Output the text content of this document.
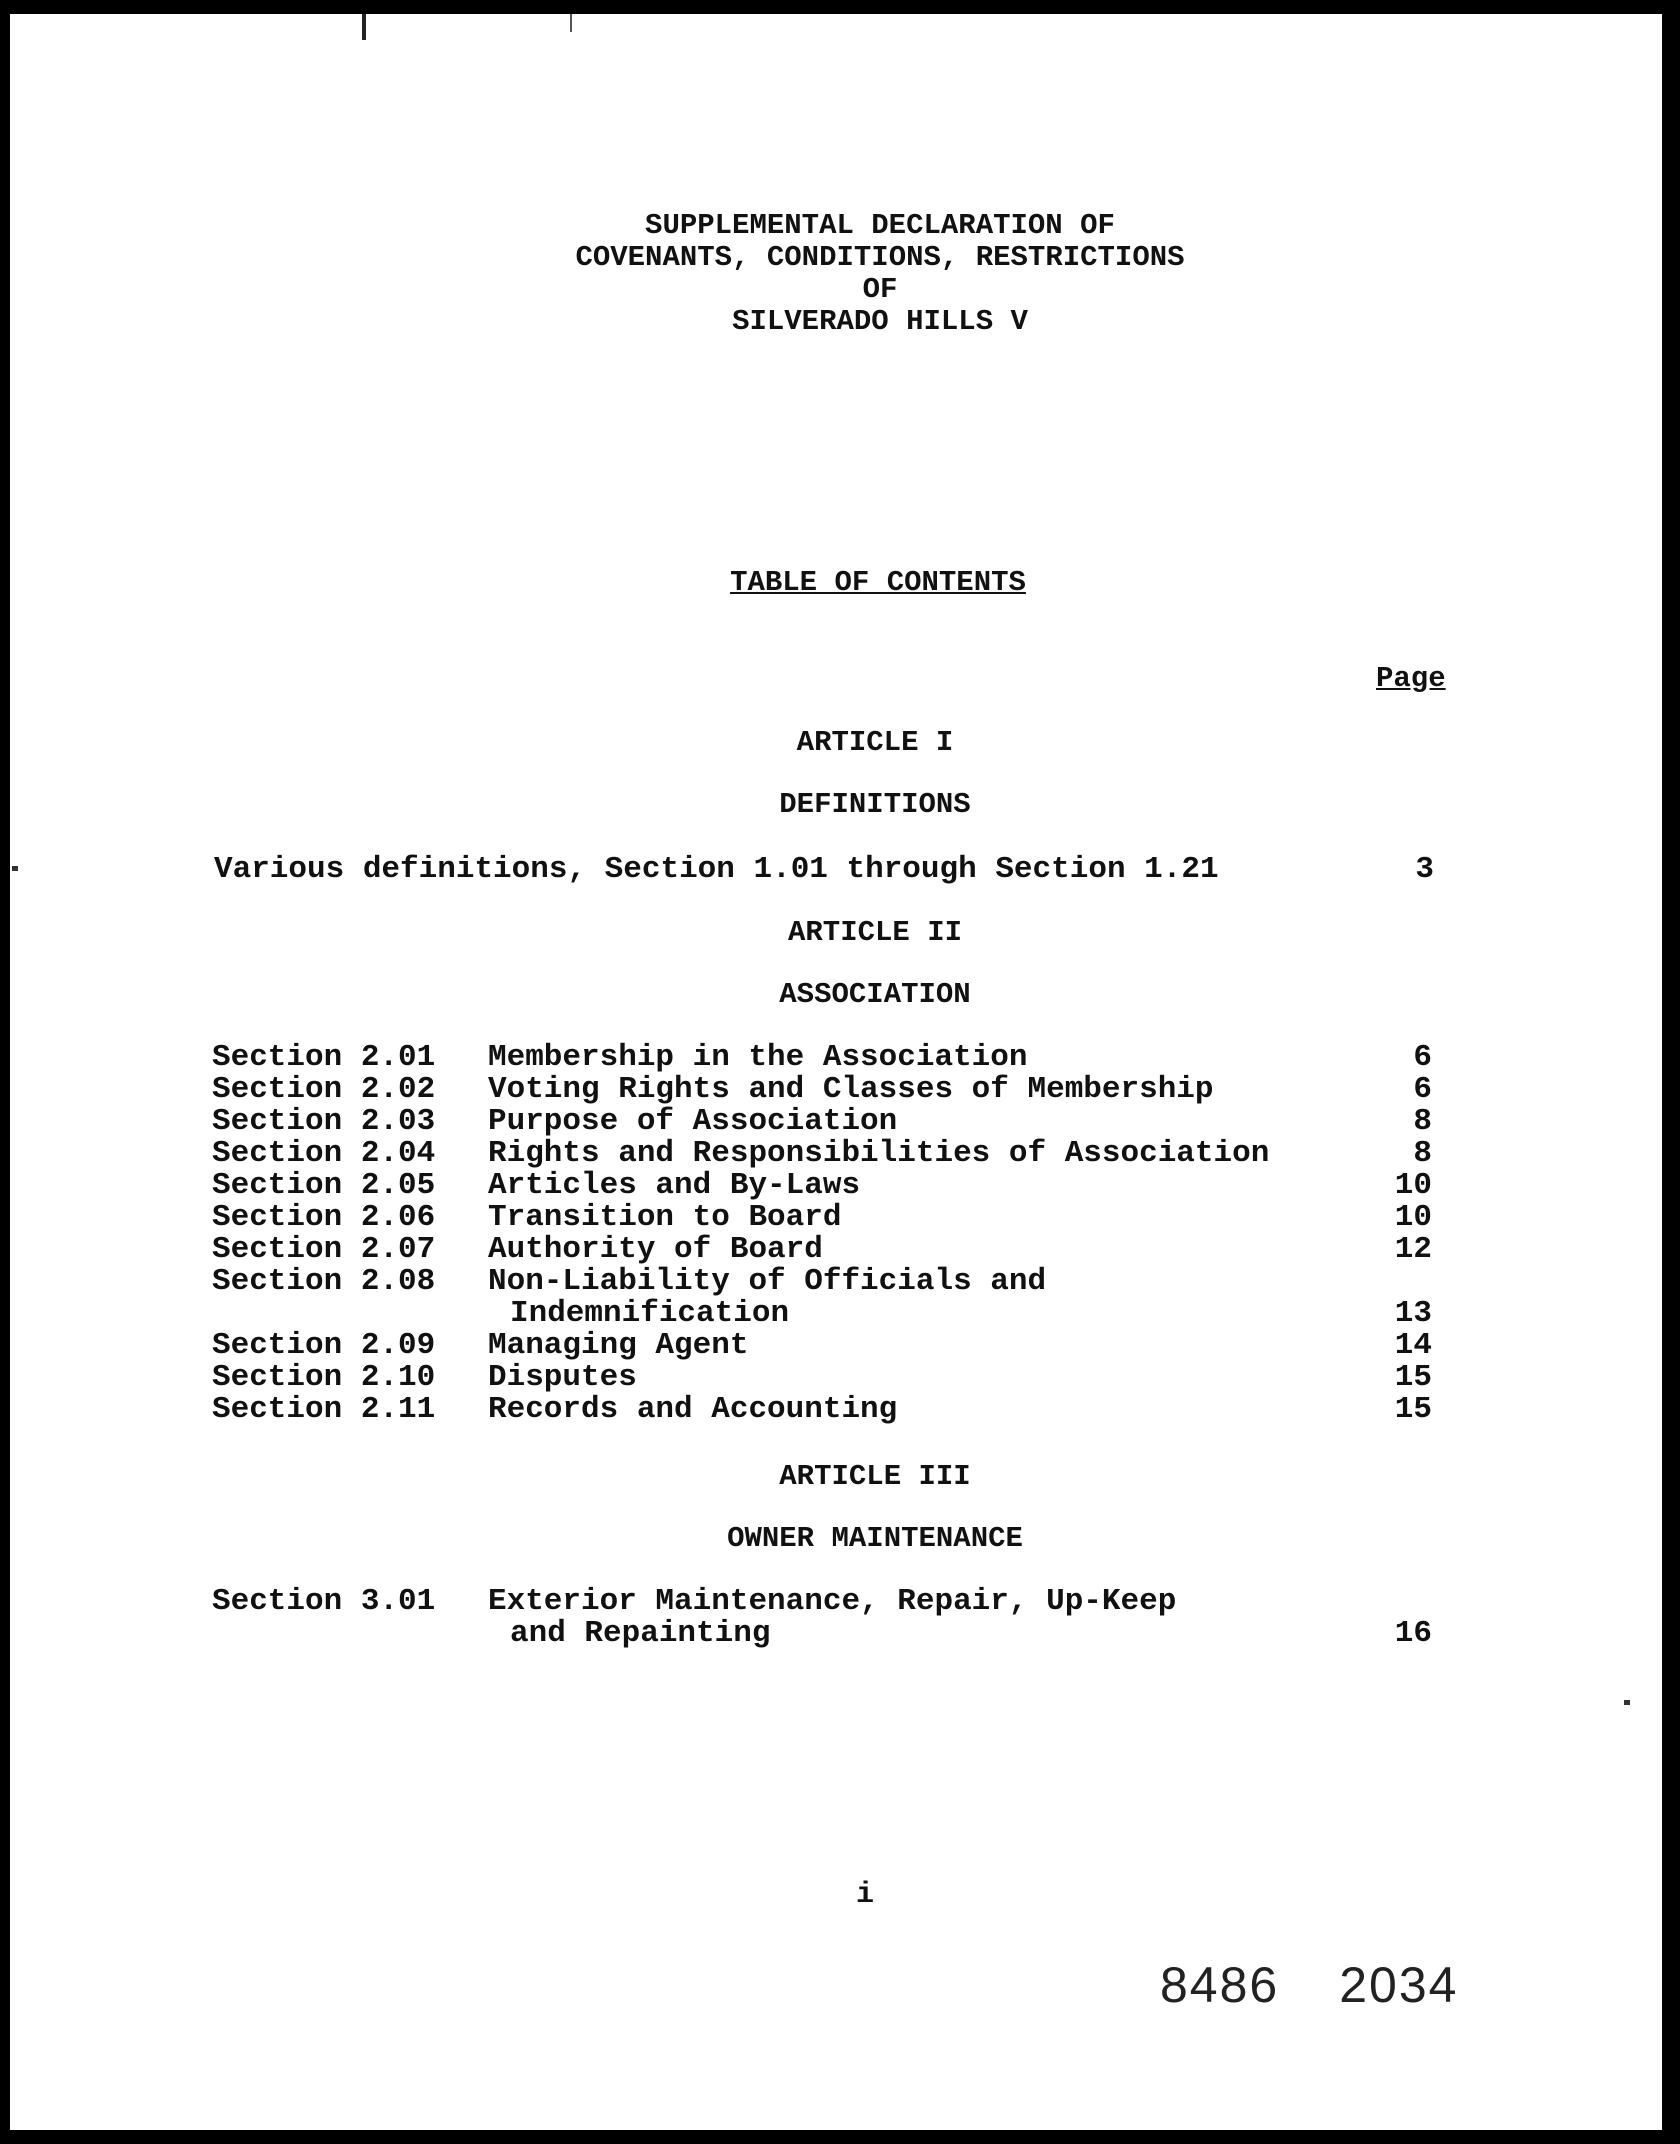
SUPPLEMENTAL DECLARATION OF
COVENANTS, CONDITIONS, RESTRICTIONS
OF
SILVERADO HILLS V
TABLE OF CONTENTS
Page
ARTICLE I
DEFINITIONS
Various definitions, Section 1.01 through Section 1.21	3
ARTICLE II
ASSOCIATION
Section 2.01 Membership in the Association	6
Section 2.02 Voting Rights and Classes of Membership	6
Section 2.03 Purpose of Association	8
Section 2.04 Rights and Responsibilities of Association	8
Section 2.05 Articles and By-Laws	10
Section 2.06 Transition to Board	10
Section 2.07 Authority of Board	12
Section 2.08 Non-Liability of Officials and
Indemnification	13
Section 2.09 Managing Agent	14
Section 2.10 Disputes	15
Section 2.11 Records and Accounting	15
ARTICLE III
OWNER MAINTENANCE
Section 3.01 Exterior Maintenance, Repair, Up-Keep
and Repainting	16
i
8486 2034
